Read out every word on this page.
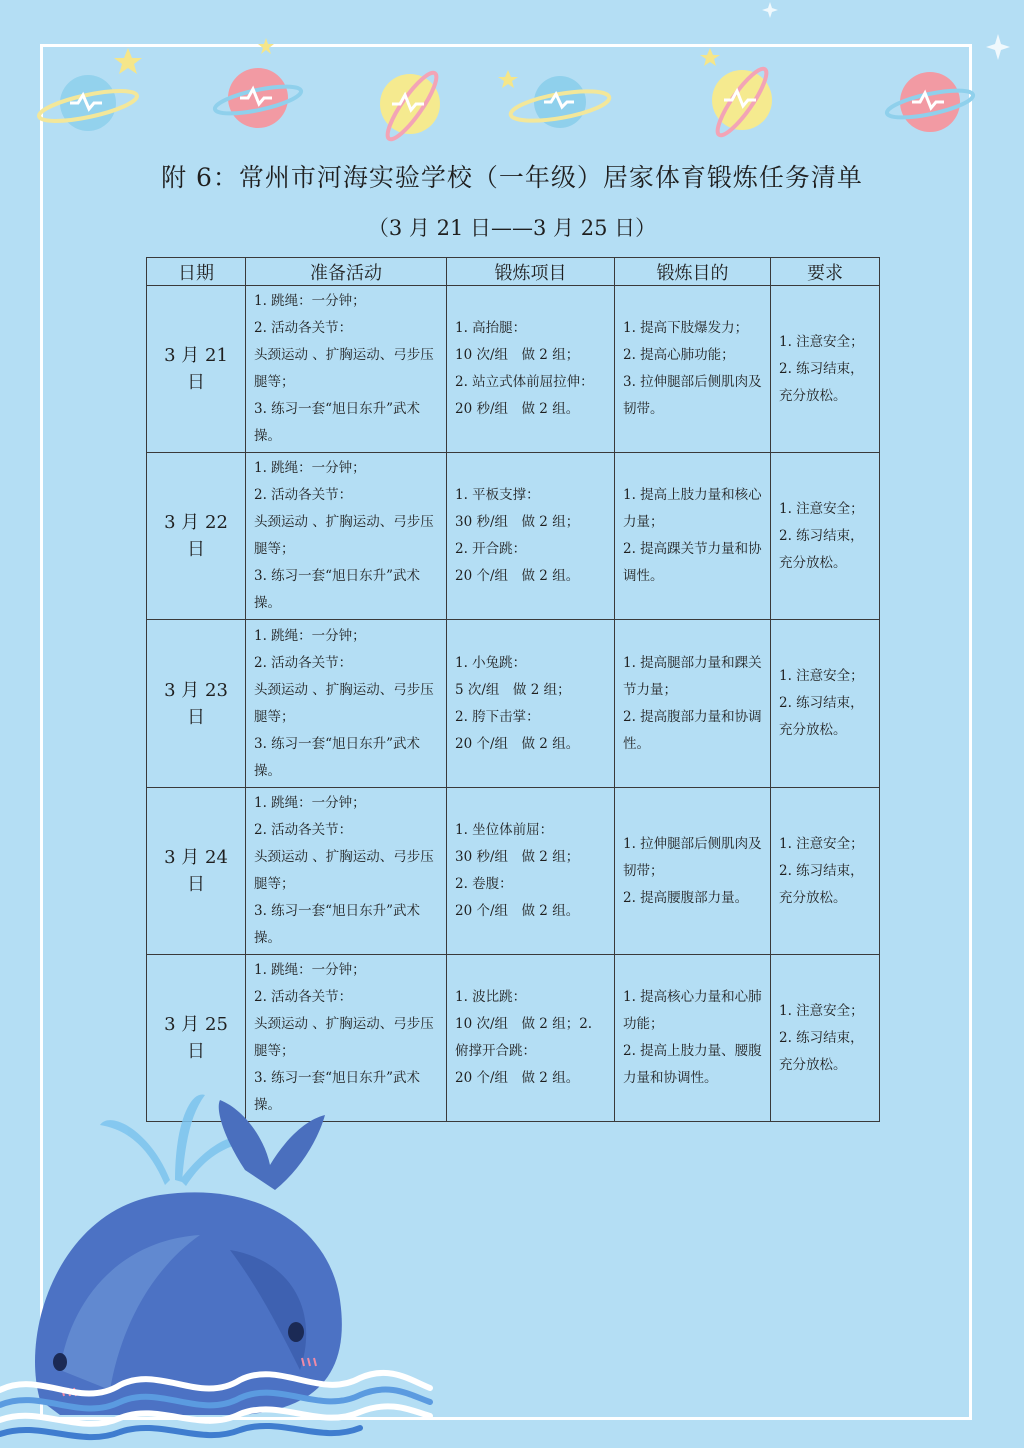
附 6：常州市河海实验学校（一年级）居家体育锻炼任务清单
（3 月 21 日——3 月 25 日）
日期	准备活动	锻炼项目	锻炼目的	要求
3 月 21 日	1. 跳绳：一分钟；
2. 活动各关节：
头颈运动 、扩胸运动、弓步压腿等；
3. 练习一套“旭日东升”武术操。	1. 高抬腿：
10 次/组　做 2 组；
2. 站立式体前屈拉伸：
20 秒/组　做 2 组。	1. 提高下肢爆发力；
2. 提高心肺功能；
3. 拉伸腿部后侧肌肉及韧带。	1. 注意安全；
2. 练习结束，充分放松。

3 月 22 日	1. 跳绳：一分钟；
2. 活动各关节：
头颈运动 、扩胸运动、弓步压腿等；
3. 练习一套“旭日东升”武术操。	1. 平板支撑：
30 秒/组　做 2 组；
2. 开合跳：
20 个/组　做 2 组。	1. 提高上肢力量和核心力量；
2. 提高踝关节力量和协调性。	1. 注意安全；
2. 练习结束，充分放松。

3 月 23 日	1. 跳绳：一分钟；
2. 活动各关节：
头颈运动 、扩胸运动、弓步压腿等；
3. 练习一套“旭日东升”武术操。	1. 小兔跳：
5 次/组　做 2 组；
2. 胯下击掌：
20 个/组　做 2 组。	1. 提高腿部力量和踝关节力量；
2. 提高腹部力量和协调性。	1. 注意安全；
2. 练习结束，充分放松。

3 月 24 日	1. 跳绳：一分钟；
2. 活动各关节：
头颈运动 、扩胸运动、弓步压腿等；
3. 练习一套“旭日东升”武术操。	1. 坐位体前屈：
30 秒/组　做 2 组；
2. 卷腹：
20 个/组　做 2 组。	1. 拉伸腿部后侧肌肉及韧带；
2. 提高腰腹部力量。	1. 注意安全；
2. 练习结束，充分放松。

3 月 25 日	1. 跳绳：一分钟；
2. 活动各关节：
头颈运动 、扩胸运动、弓步压腿等；
3. 练习一套“旭日东升”武术操。	1. 波比跳：
10 次/组　做 2 组；2. 俯撑开合跳：
20 个/组　做 2 组。	1. 提高核心力量和心肺功能；
2. 提高上肢力量、腰腹力量和协调性。	1. 注意安全；
2. 练习结束，充分放松。
